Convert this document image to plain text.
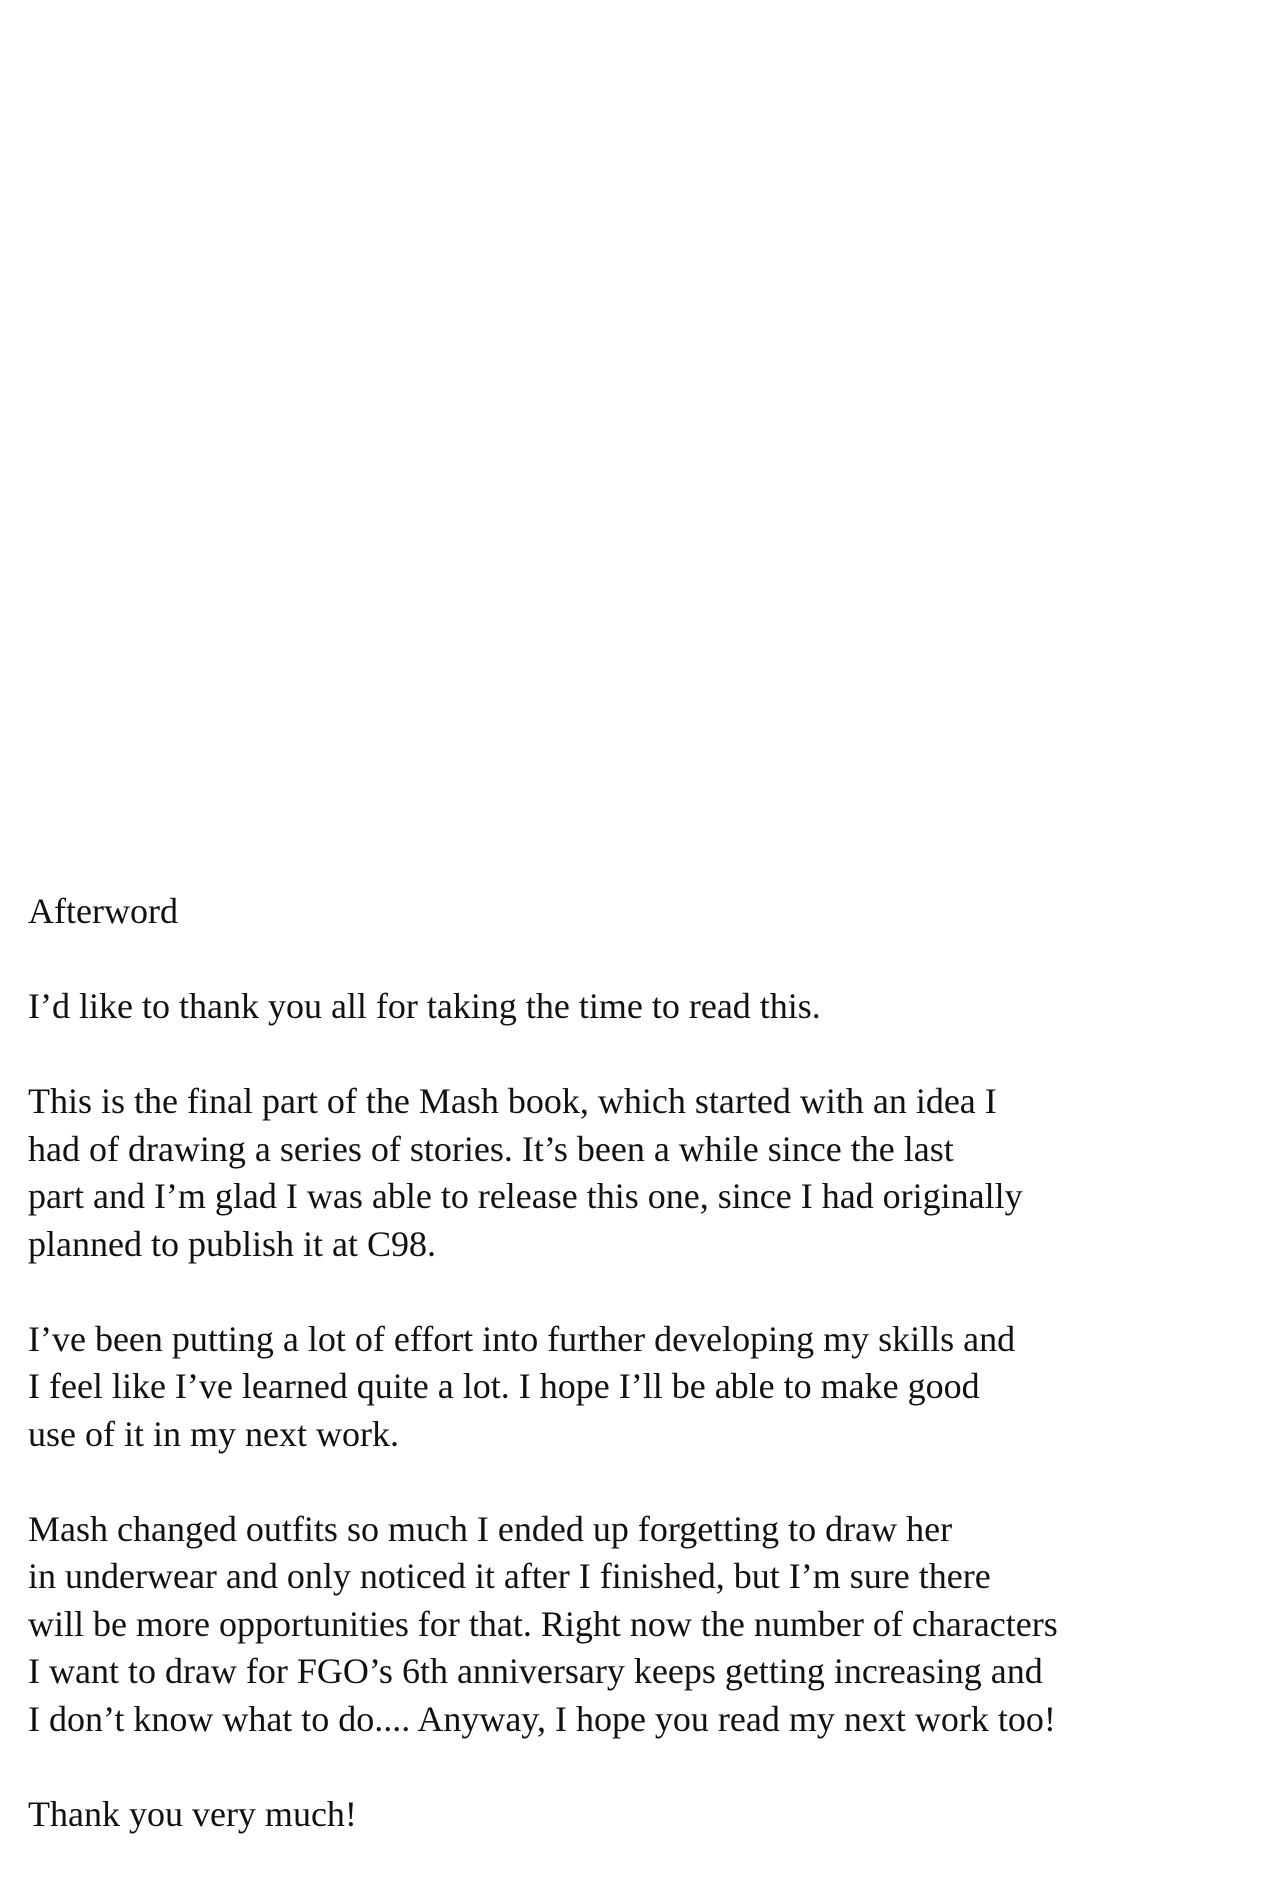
Afterword
I’d like to thank you all for taking the time to read this.
This is the final part of the Mash book, which started with an idea I
had of drawing a series of stories. It’s been a while since the last
part and I’m glad I was able to release this one, since I had originally
planned to publish it at C98.
I’ve been putting a lot of effort into further developing my skills and
I feel like I’ve learned quite a lot. I hope I’ll be able to make good
use of it in my next work.
Mash changed outfits so much I ended up forgetting to draw her
in underwear and only noticed it after I finished, but I’m sure there
will be more opportunities for that. Right now the number of characters
I want to draw for FGO’s 6th anniversary keeps getting increasing and
I don’t know what to do.... Anyway, I hope you read my next work too!
Thank you very much!
